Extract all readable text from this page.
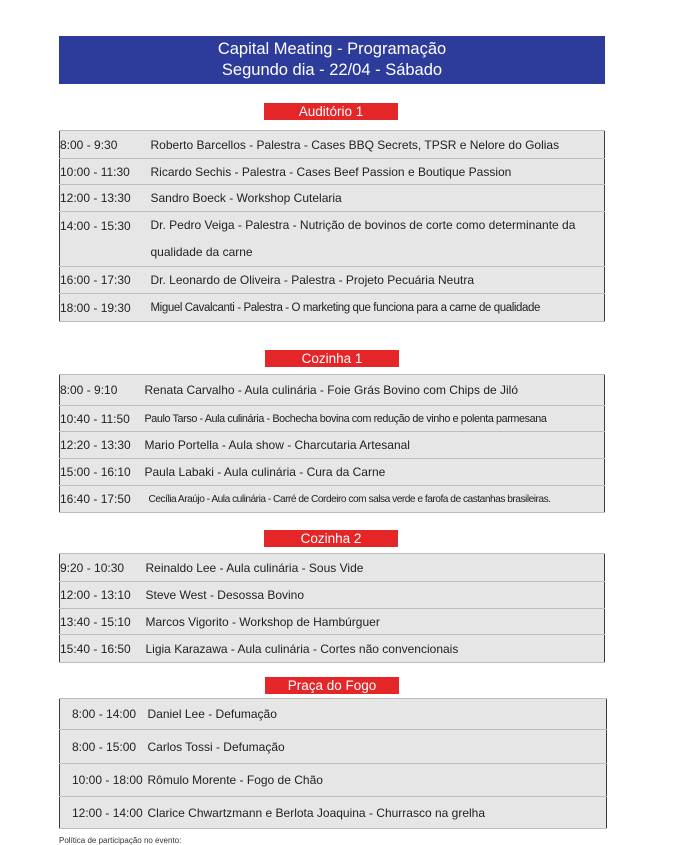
Capital Meating - Programação
Segundo dia - 22/04 - Sábado
Auditório 1
8:00 - 9:30	Roberto Barcellos - Palestra - Cases BBQ Secrets, TPSR e Nelore do Golias
10:00 - 11:30	Ricardo Sechis - Palestra - Cases Beef Passion e Boutique Passion
12:00 - 13:30	Sandro Boeck - Workshop Cutelaria
14:00 - 15:30	Dr. Pedro Veiga - Palestra - Nutrição de bovinos de corte como determinante da qualidade da carne
16:00 - 17:30	Dr. Leonardo de Oliveira - Palestra - Projeto Pecuária Neutra
18:00 - 19:30	Miguel Cavalcanti - Palestra - O marketing que funciona para a carne de qualidade
Cozinha 1
8:00 - 9:10	Renata Carvalho - Aula culinária - Foie Grás Bovino com Chips de Jiló
10:40 - 11:50	Paulo Tarso - Aula culinária - Bochecha bovina com redução de vinho e polenta parmesana
12:20 - 13:30	Mario Portella - Aula show - Charcutaria Artesanal
15:00 - 16:10	Paula Labaki - Aula culinária - Cura da Carne
16:40 - 17:50	Cecília Araújo - Aula culinária - Carré de Cordeiro com salsa verde e farofa de castanhas brasileiras.
Cozinha 2
9:20 - 10:30	Reinaldo Lee - Aula culinária - Sous Vide
12:00 - 13:10	Steve West - Desossa Bovino
13:40 - 15:10	Marcos Vigorito - Workshop de Hambúrguer
15:40 - 16:50	Ligia Karazawa - Aula culinária - Cortes não convencionais
Praça do Fogo
8:00 - 14:00	Daniel Lee - Defumação
8:00 - 15:00	Carlos Tossi - Defumação
10:00 - 18:00	Rômulo Morente - Fogo de Chão
12:00 - 14:00	Clarice Chwartzmann e Berlota Joaquina - Churrasco na grelha
Política de participação no evento:
